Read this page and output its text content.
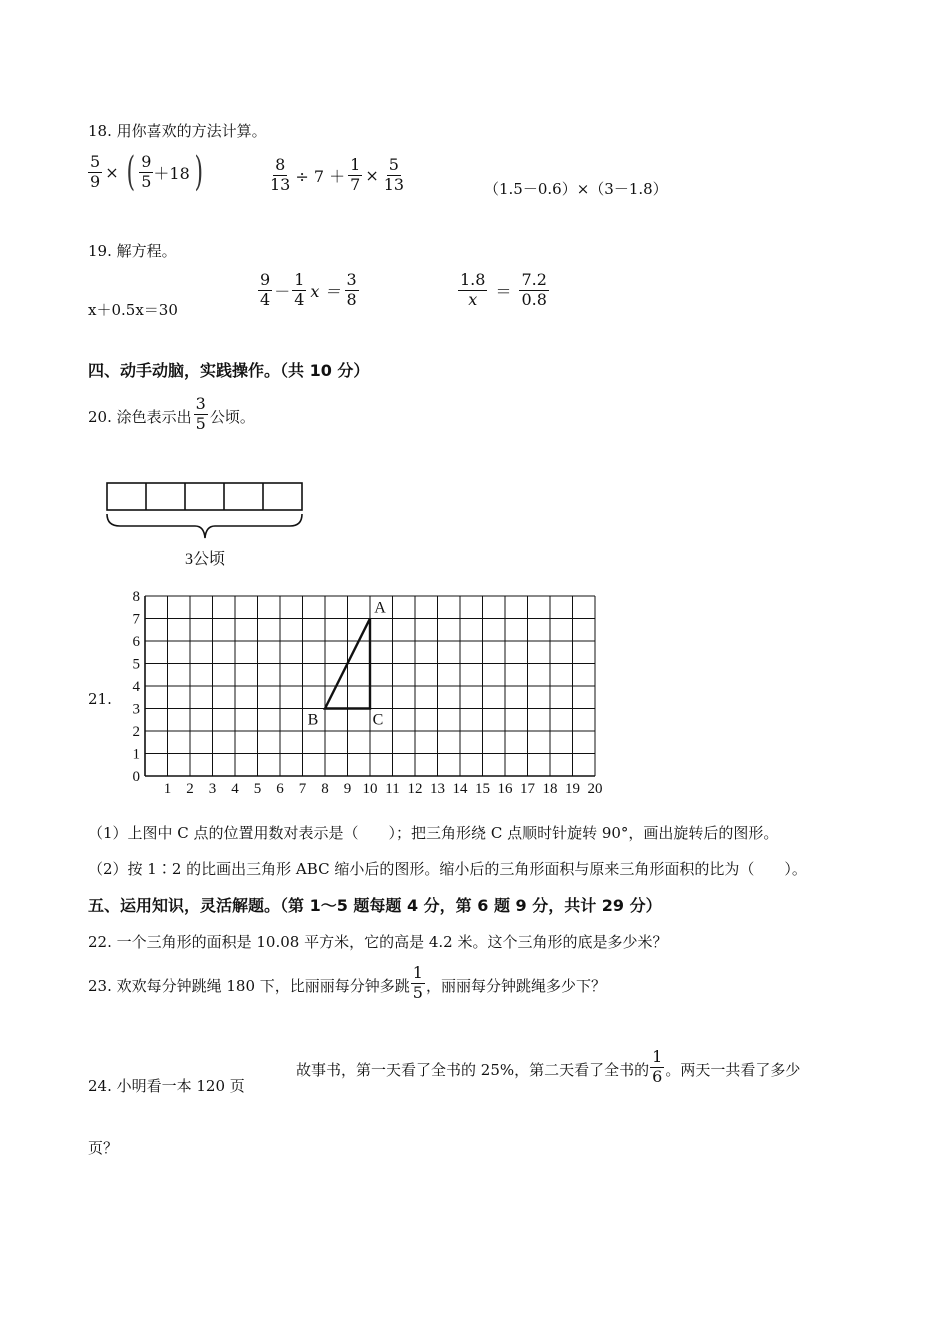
18. 用你喜欢的方法计算。
$\frac{5}{9}$ × ( $\frac{9}{5} +18$ )	$\frac{8}{13} \div 7 + \frac{1}{7} \times \frac{5}{13}$	（1.5－0.6）×（3－1.8）
19. 解方程。
x＋0.5x＝30
$\frac{9}{4} - \frac{1}{4}$ $x = \frac{3}{8}$	$\frac{1.8}{x} = \frac{7.2}{0.8}$
四、动手动脑，实践操作。（共 10 分）
20. 涂色表示出 $\frac{3}{5}$ 公顷。
3公顷
21.
1 2 3 4 5 6 7 8 9 10 11 12 13 14 15 16 17 18 19 20
0
1
2
3
4
5
6
7
8
A
B	C
（1）上图中 C 点的位置用数对表示是（　　）；把三角形绕 C 点顺时针旋转 90°，画出旋转后的图形。
（2）按 1∶2 的比画出三角形 ABC 缩小后的图形。缩小后的三角形面积与原来三角形面积的比为（　　）。
五、运用知识，灵活解题。（第 1～5 题每题 4 分，第 6 题 9 分，共计 29 分）
22. 一个三角形的面积是 10.08 平方米，它的高是 4.2 米。这个三角形的底是多少米？
23. 欢欢每分钟跳绳 180 下，比丽丽每分钟多跳 $\frac{1}{5}$ ，丽丽每分钟跳绳多少下？
24. 小明看一本 120 页
故事书，第一天看了全书的 25%，第二天看了全书的 $\frac{1}{6}$ 。两天一共看了多少
页？
